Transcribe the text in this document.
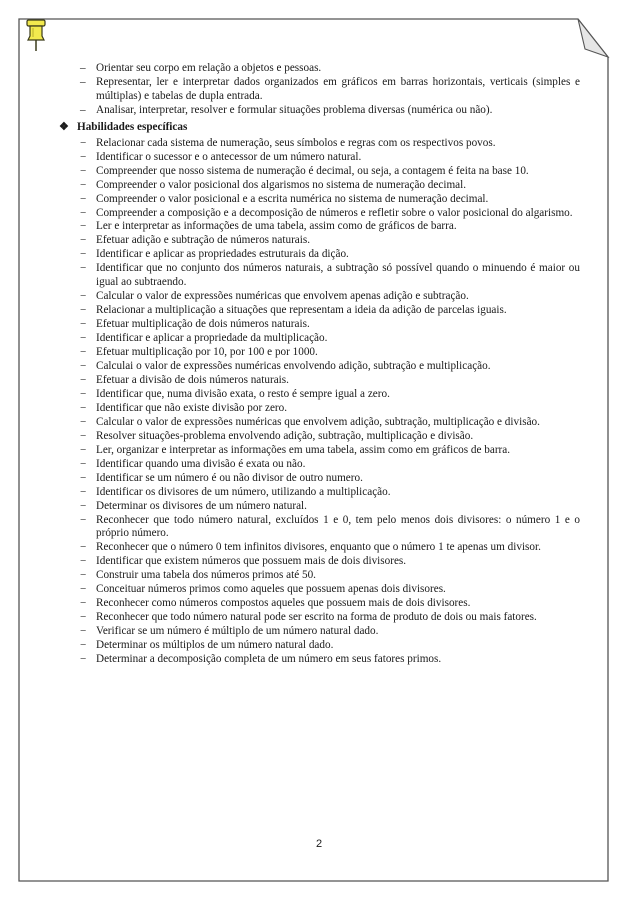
– Orientar seu corpo em relação a objetos e pessoas.
– Representar, ler e interpretar dados organizados em gráficos em barras horizontais, verticais (simples e múltiplas) e tabelas de dupla entrada.
– Analisar, interpretar, resolver e formular situações problema diversas (numérica ou não).
❖ Habilidades específicas
− Relacionar cada sistema de numeração, seus símbolos e regras com os respectivos povos.
− Identificar o sucessor e o antecessor de um número natural.
− Compreender que nosso sistema de numeração é decimal, ou seja, a contagem é feita na base 10.
− Compreender o valor posicional dos algarismos no sistema de numeração decimal.
− Compreender o valor posicional e a escrita numérica no sistema de numeração decimal.
− Compreender a composição e a decomposição de números e refletir sobre o valor posicional do algarismo.
− Ler e interpretar as informações de uma tabela, assim como de gráficos de barra.
− Efetuar adição e subtração de números naturais.
− Identificar e aplicar as propriedades estruturais da dição.
− Identificar que no conjunto dos números naturais, a subtração só possível quando o minuendo é maior ou igual ao subtraendo.
− Calcular o valor de expressões numéricas que envolvem apenas adição e subtração.
− Relacionar a multiplicação a situações que representam a ideia da adição de parcelas iguais.
− Efetuar multiplicação de dois números naturais.
− Identificar e aplicar a propriedade da multiplicação.
− Efetuar multiplicação por 10, por 100 e por 1000.
− Calculai o valor de expressões numéricas envolvendo adição, subtração e multiplicação.
− Efetuar a divisão de dois números naturais.
− Identificar que, numa divisão exata, o resto é sempre igual a zero.
− Identificar que não existe divisão por zero.
− Calcular o valor de expressões numéricas que envolvem adição, subtração, multiplicação e divisão.
− Resolver situações-problema envolvendo adição, subtração, multiplicação e divisão.
− Ler, organizar e interpretar as informações em uma tabela, assim como em gráficos de barra.
− Identificar quando uma divisão é exata ou não.
− Identificar se um número é ou não divisor de outro numero.
− Identificar os divisores de um número, utilizando a multiplicação.
− Determinar os divisores de um número natural.
− Reconhecer que todo número natural, excluídos 1 e 0, tem pelo menos dois divisores: o número 1 e o próprio número.
− Reconhecer que o número 0 tem infinitos divisores, enquanto que o número 1 te apenas um divisor.
− Identificar que existem números que possuem mais de dois divisores.
− Construir uma tabela dos números primos até 50.
− Conceituar números primos como aqueles que possuem apenas dois divisores.
− Reconhecer como números compostos aqueles que possuem mais de dois divisores.
− Reconhecer que todo número natural pode ser escrito na forma de produto de dois ou mais fatores.
− Verificar se um número é múltiplo de um número natural dado.
− Determinar os múltiplos de um número natural dado.
− Determinar a decomposição completa de um número em seus fatores primos.
2
